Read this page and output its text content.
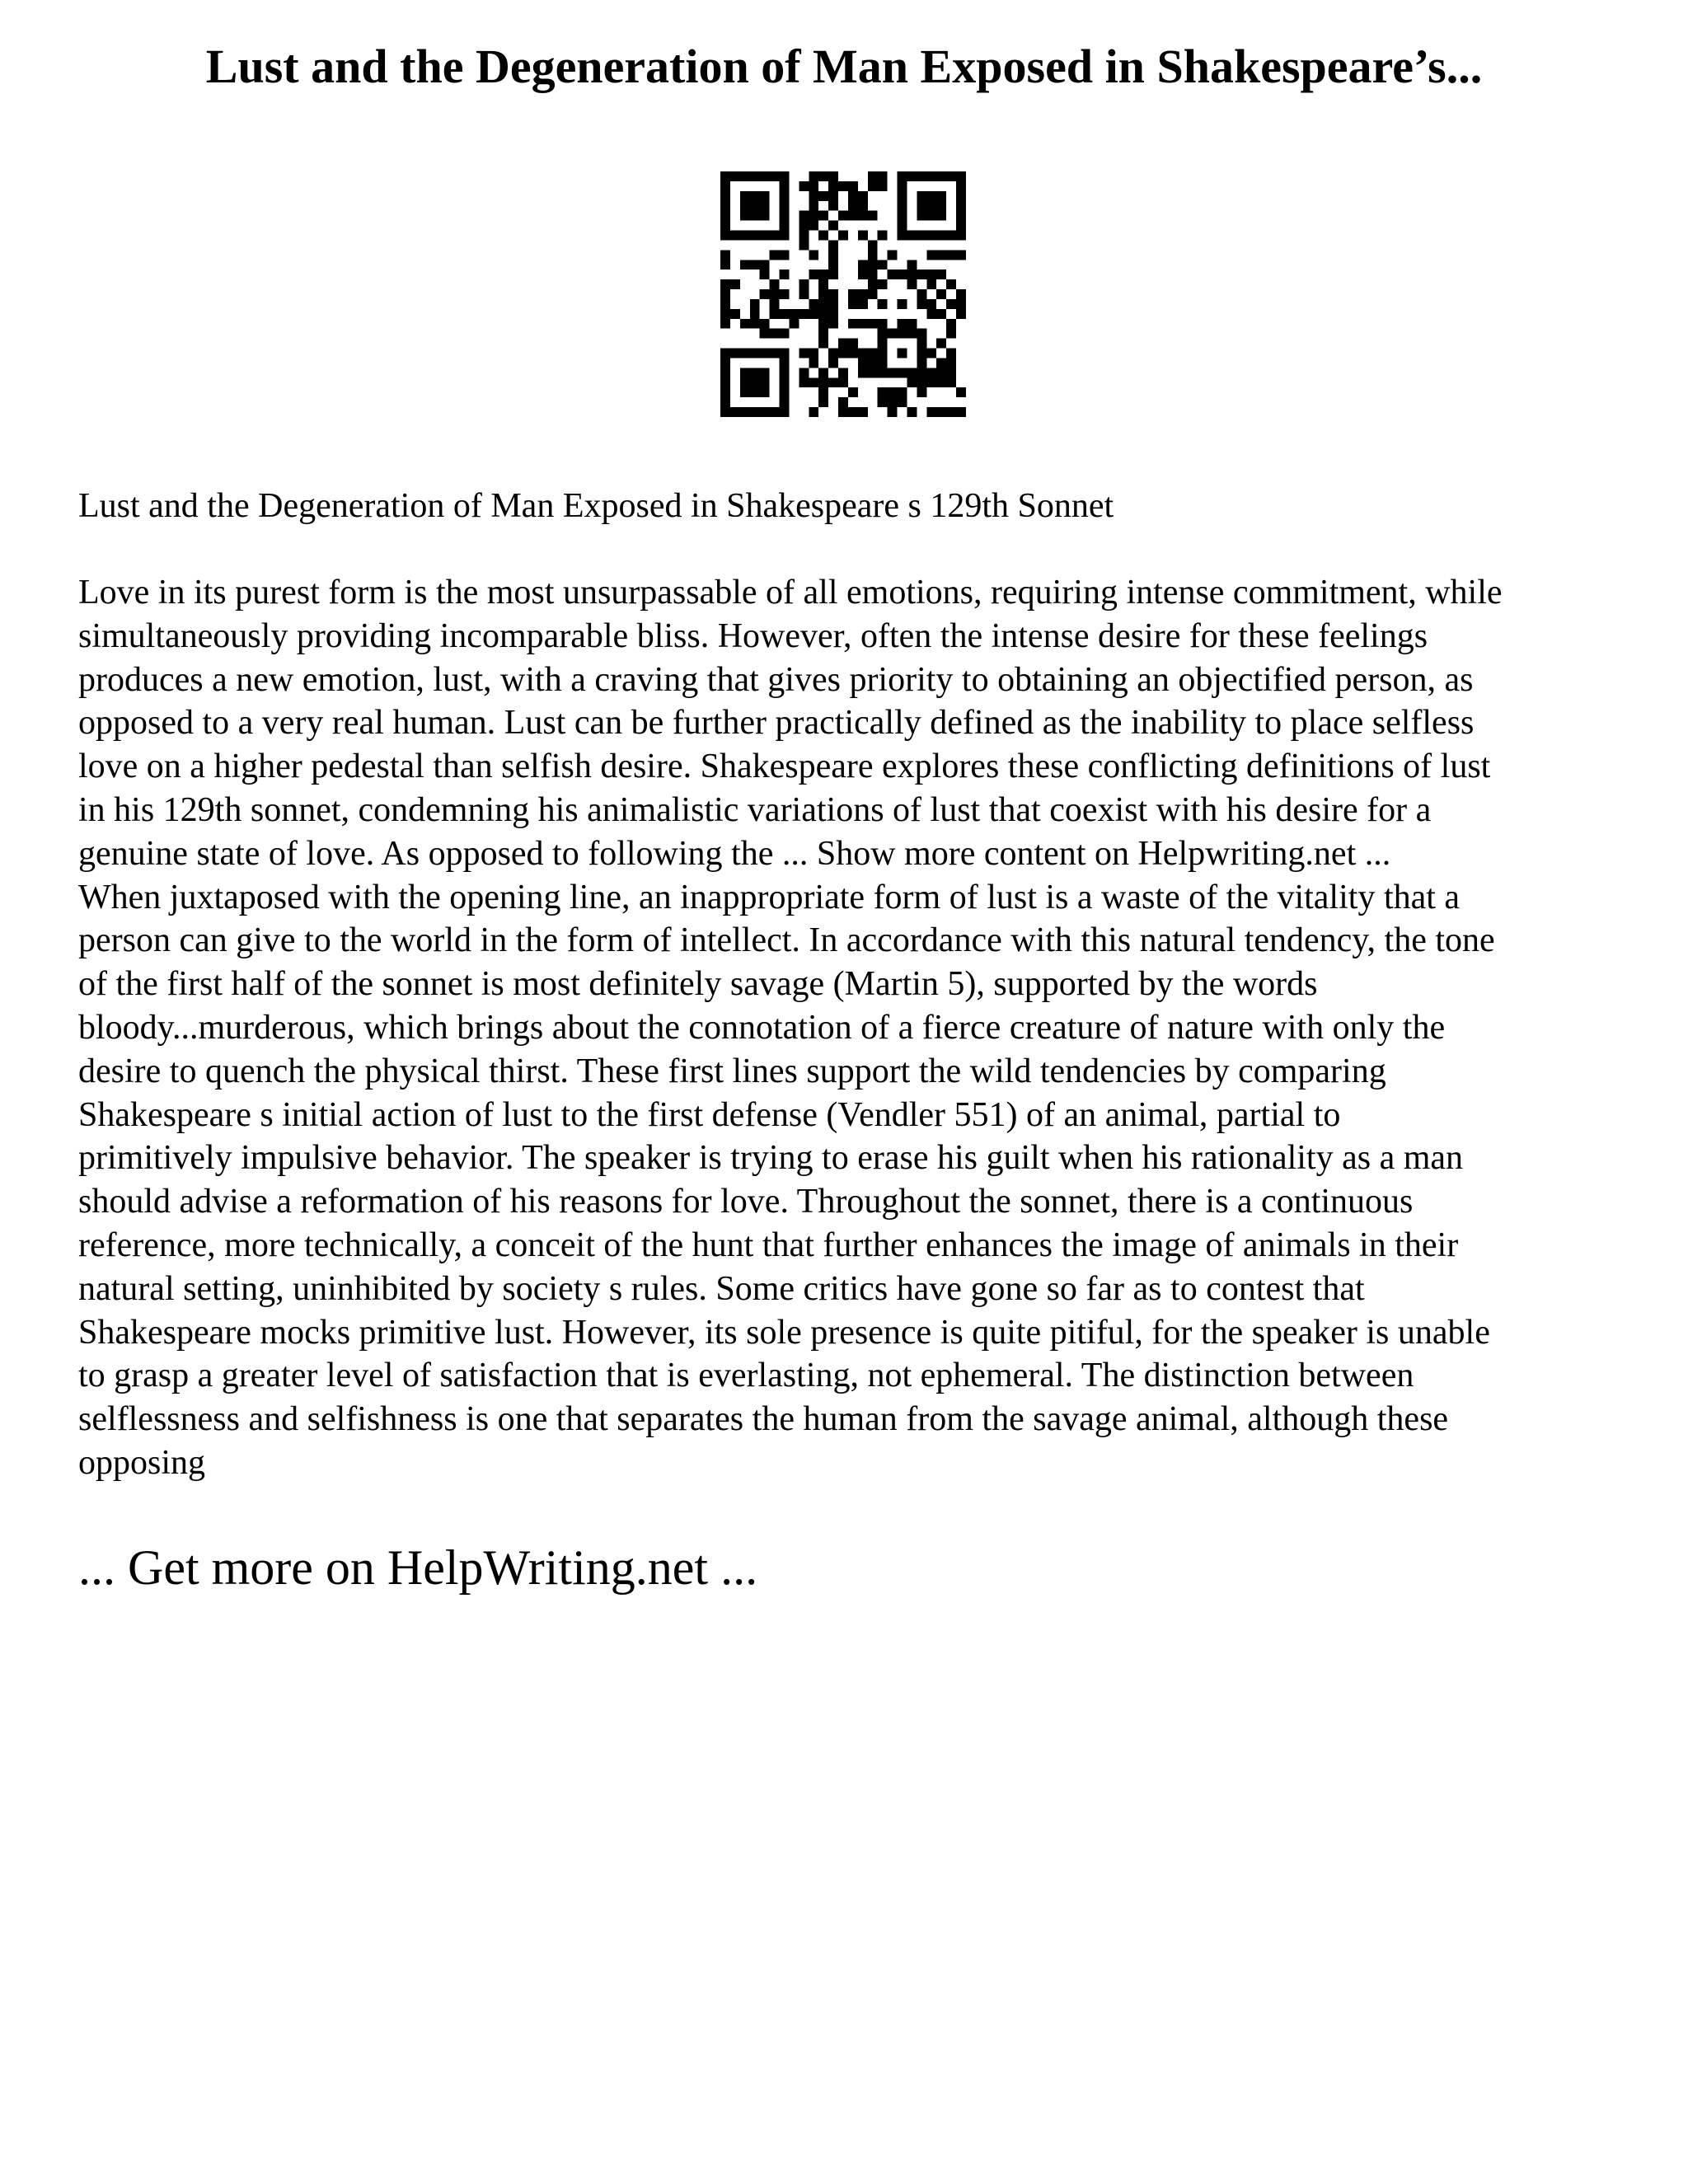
Lust and the Degeneration of Man Exposed in Shakespeare’s...
Lust and the Degeneration of Man Exposed in Shakespeare s 129th Sonnet
Love in its purest form is the most unsurpassable of all emotions, requiring intense commitment, while
simultaneously providing incomparable bliss. However, often the intense desire for these feelings
produces a new emotion, lust, with a craving that gives priority to obtaining an objectified person, as
opposed to a very real human. Lust can be further practically defined as the inability to place selfless
love on a higher pedestal than selfish desire. Shakespeare explores these conflicting definitions of lust
in his 129th sonnet, condemning his animalistic variations of lust that coexist with his desire for a
genuine state of love. As opposed to following the ... Show more content on Helpwriting.net ...
When juxtaposed with the opening line, an inappropriate form of lust is a waste of the vitality that a
person can give to the world in the form of intellect. In accordance with this natural tendency, the tone
of the first half of the sonnet is most definitely savage (Martin 5), supported by the words
bloody...murderous, which brings about the connotation of a fierce creature of nature with only the
desire to quench the physical thirst. These first lines support the wild tendencies by comparing
Shakespeare s initial action of lust to the first defense (Vendler 551) of an animal, partial to
primitively impulsive behavior. The speaker is trying to erase his guilt when his rationality as a man
should advise a reformation of his reasons for love. Throughout the sonnet, there is a continuous
reference, more technically, a conceit of the hunt that further enhances the image of animals in their
natural setting, uninhibited by society s rules. Some critics have gone so far as to contest that
Shakespeare mocks primitive lust. However, its sole presence is quite pitiful, for the speaker is unable
to grasp a greater level of satisfaction that is everlasting, not ephemeral. The distinction between
selflessness and selfishness is one that separates the human from the savage animal, although these
opposing
... Get more on HelpWriting.net ...
